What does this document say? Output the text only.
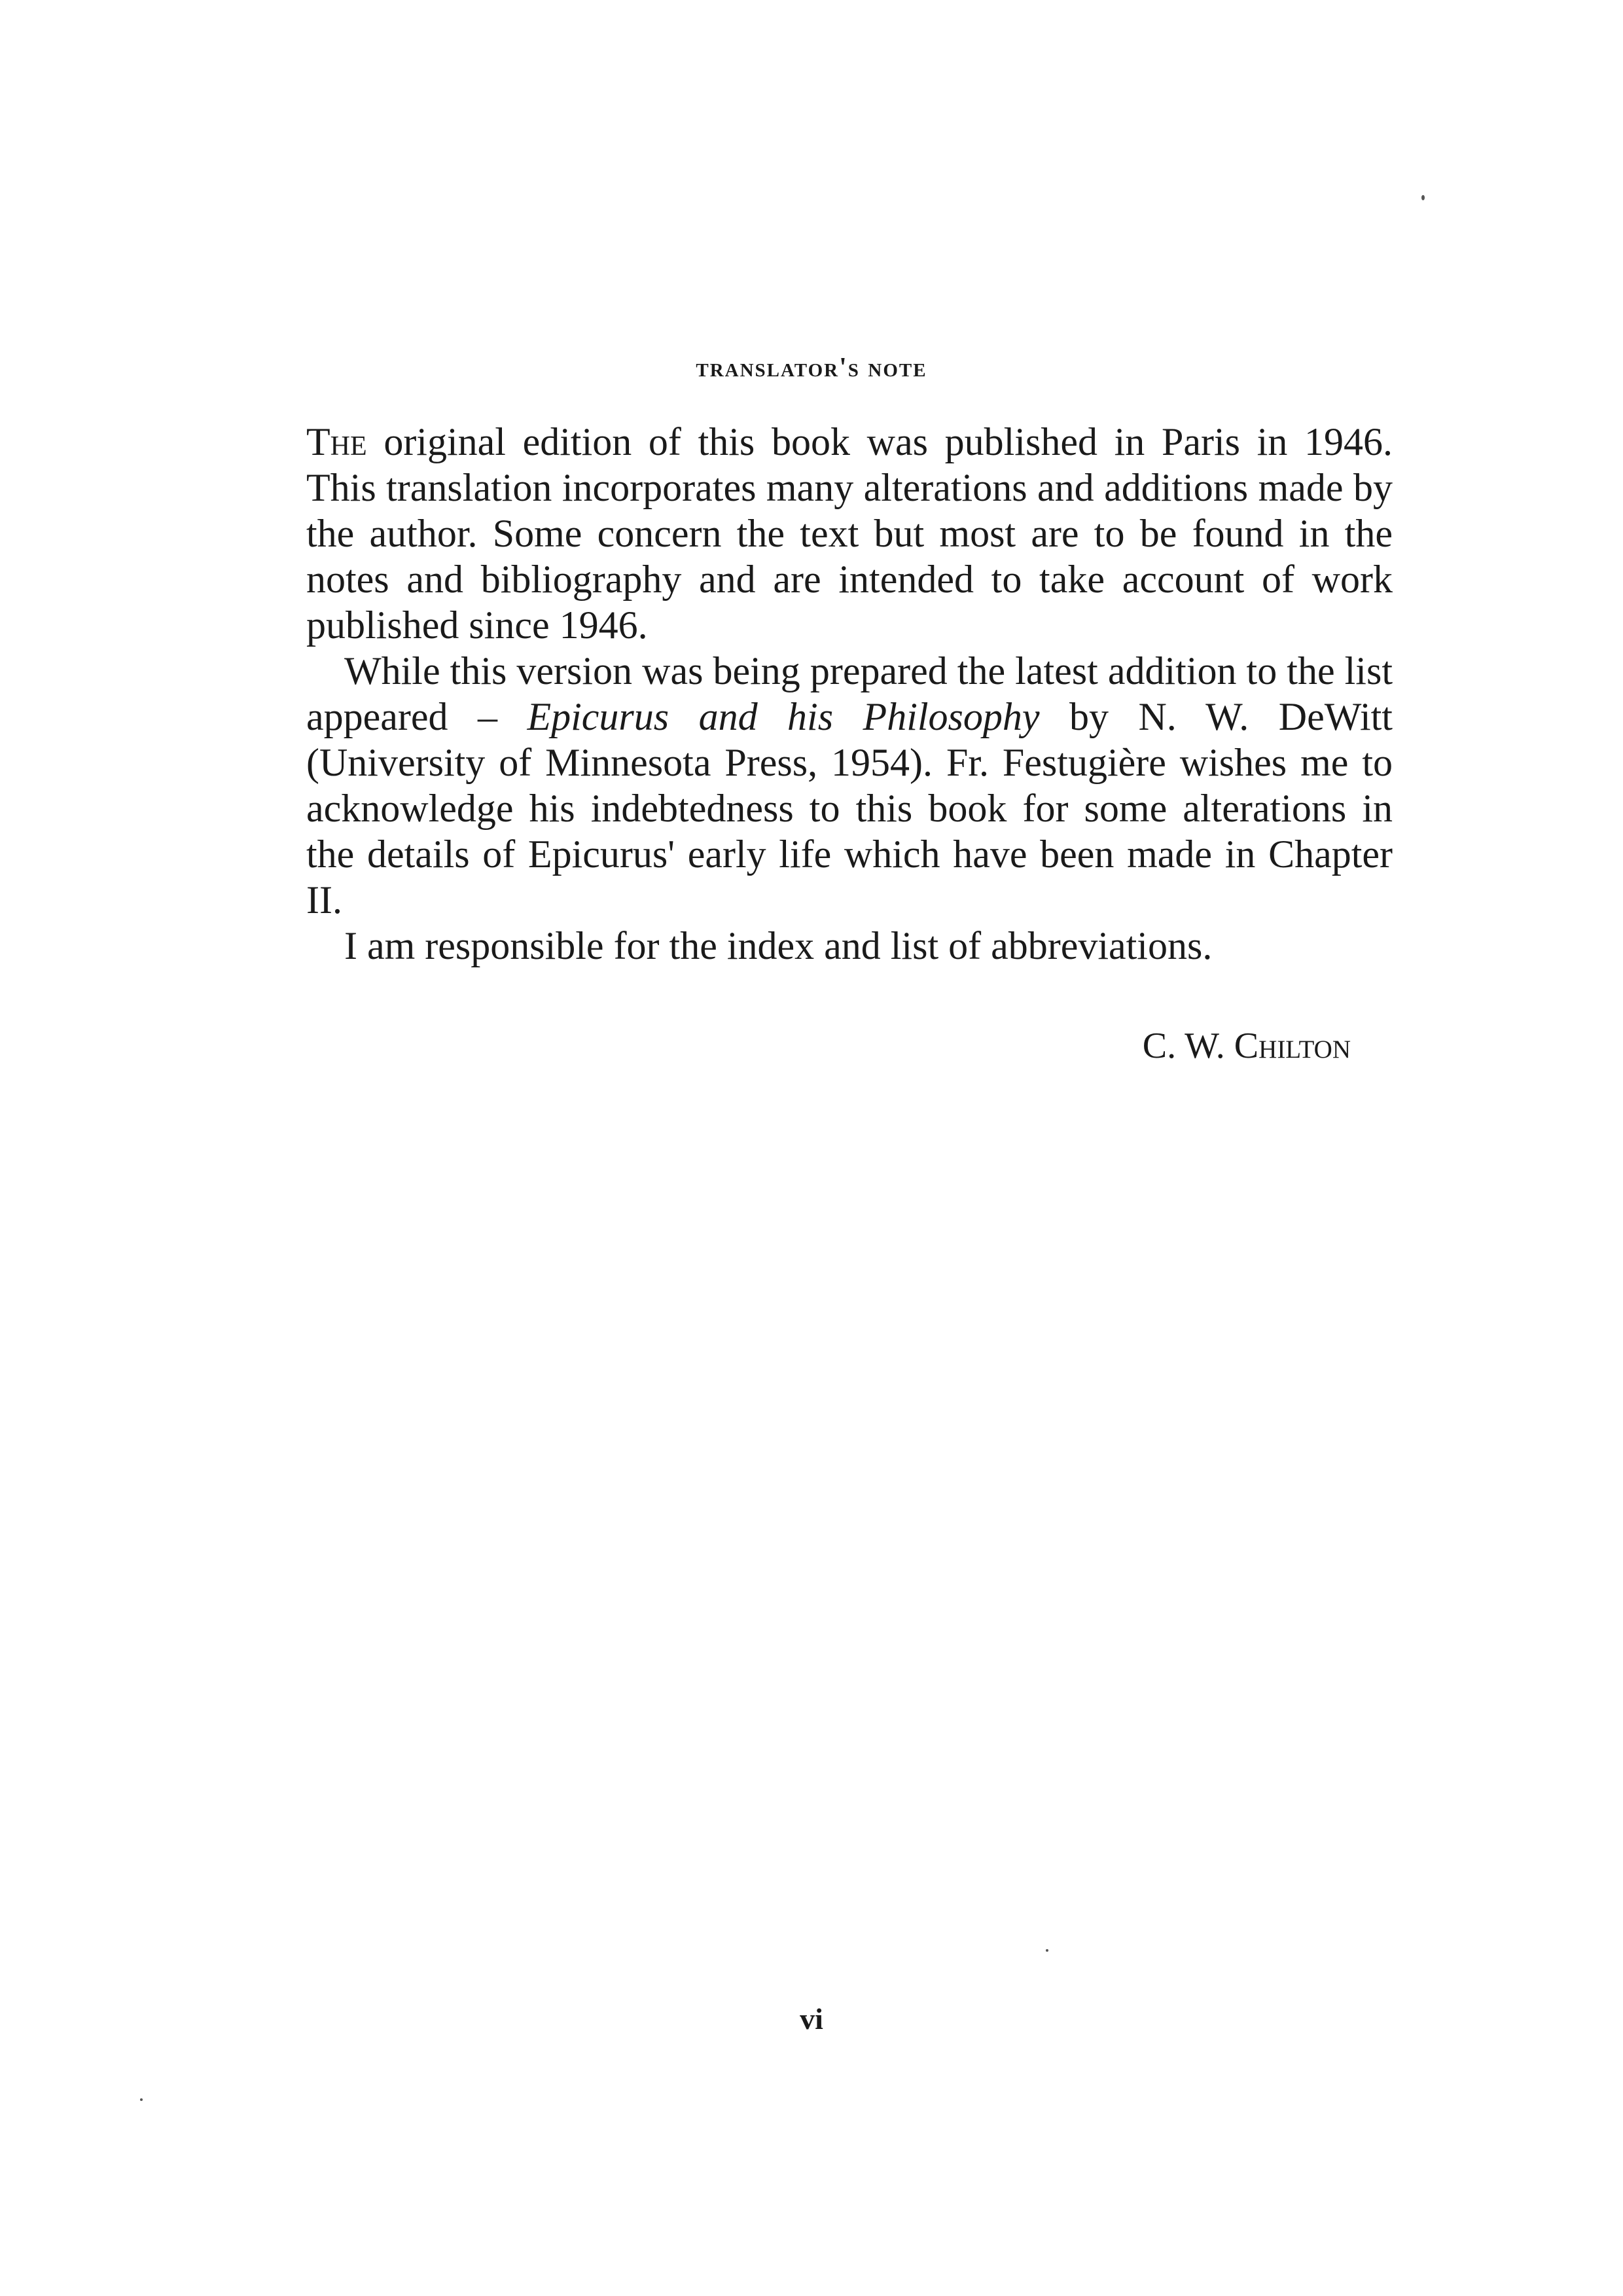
translator's note

The original edition of this book was published in Paris in 1946. This translation incorporates many alterations and additions made by the author. Some concern the text but most are to be found in the notes and bibliography and are intended to take account of work published since 1946.

While this version was being prepared the latest addition to the list appeared – Epicurus and his Philosophy by N. W. DeWitt (University of Minnesota Press, 1954). Fr. Festugière wishes me to acknowledge his indebtedness to this book for some alterations in the details of Epicurus' early life which have been made in Chapter II.

I am responsible for the index and list of abbreviations.

C. W. Chilton
vi
